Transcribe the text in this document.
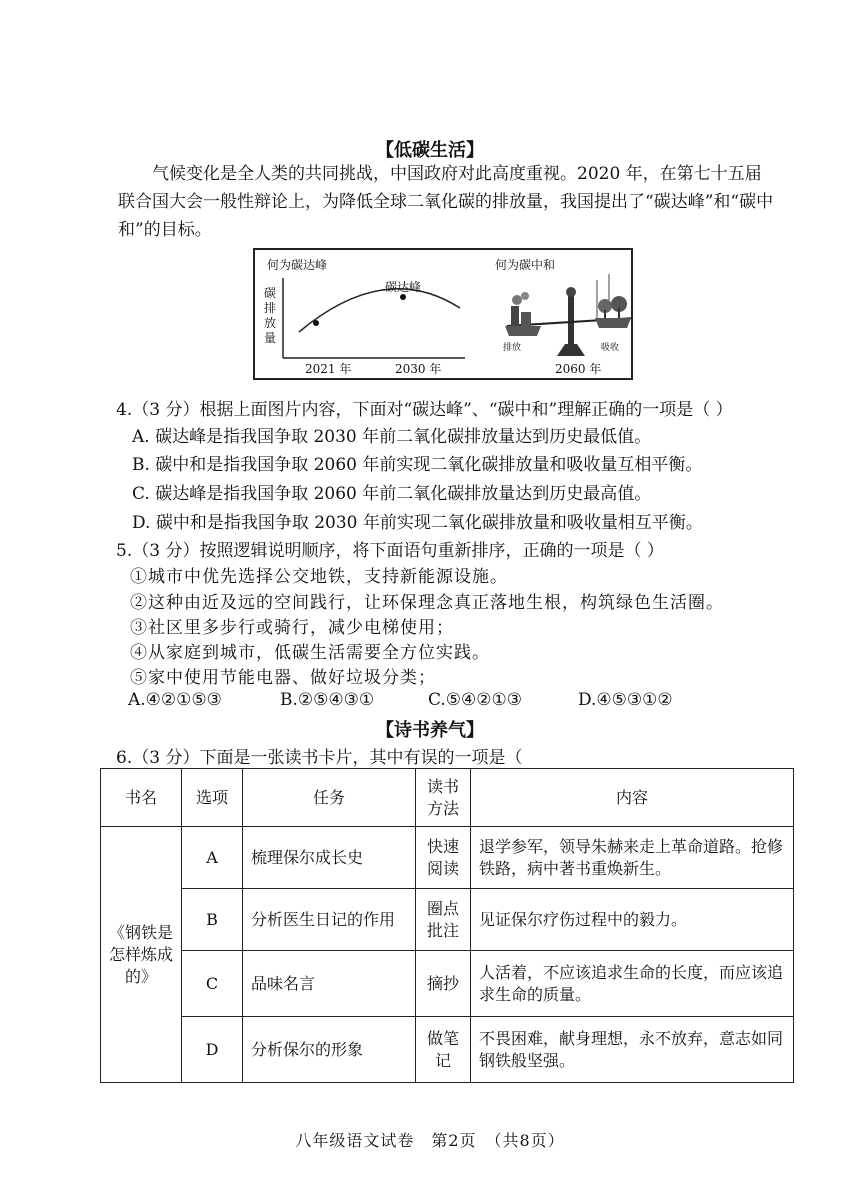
【低碳生活】
气候变化是全人类的共同挑战，中国政府对此高度重视。2020 年，在第七十五届联合国大会一般性辩论上，为降低全球二氧化碳的排放量，我国提出了“碳达峰”和“碳中和”的目标。
何为碳达峰	何为碳中和
碳
排
放
量
碳达峰
2021 年	2030 年
排放	吸收
2060 年
4.（3 分）根据上面图片内容，下面对“碳达峰”、“碳中和”理解正确的一项是（ ）
A. 碳达峰是指我国争取 2030 年前二氧化碳排放量达到历史最低值。
B. 碳中和是指我国争取 2060 年前实现二氧化碳排放量和吸收量互相平衡。
C. 碳达峰是指我国争取 2060 年前二氧化碳排放量达到历史最高值。
D. 碳中和是指我国争取 2030 年前实现二氧化碳排放量和吸收量相互平衡。
5.（3 分）按照逻辑说明顺序，将下面语句重新排序，正确的一项是（ ）
①城市中优先选择公交地铁，支持新能源设施。
②这种由近及远的空间践行，让环保理念真正落地生根，构筑绿色生活圈。
③社区里多步行或骑行，减少电梯使用；
④从家庭到城市，低碳生活需要全方位实践。
⑤家中使用节能电器、做好垃圾分类；
A.④②①⑤③	B.②⑤④③①	C.⑤④②①③	D.④⑤③①②
【诗书养气】
6.（3 分）下面是一张读书卡片，其中有误的一项是（
书名	选项	任务	读书方法	内容
《钢铁是怎样炼成的》	A	梳理保尔成长史	快速阅读	退学参军，领导朱赫来走上革命道路。抢修铁路，病中著书重焕新生。
	B	分析医生日记的作用	圈点批注	见证保尔疗伤过程中的毅力。
	C	品味名言	摘抄	人活着，不应该追求生命的长度，而应该追求生命的质量。
	D	分析保尔的形象	做笔记	不畏困难，献身理想，永不放弃，意志如同钢铁般坚强。
八年级语文试卷　第2页　（共8页）
